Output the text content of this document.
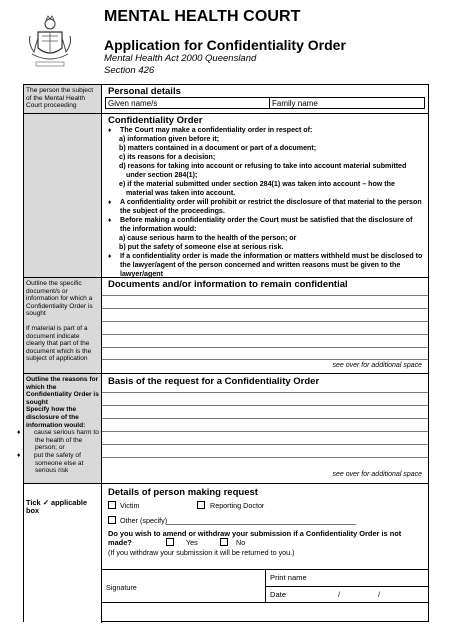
MENTAL HEALTH COURT
Application for Confidentiality Order
Mental Health Act 2000 Queensland
Section 426
The person the subject of the Mental Health Court proceeding
Personal details
Given name/s	Family name
Confidentiality Order
♦ The Court may make a confidentiality order in respect of:
a) information given before it;
b) matters contained in a document or part of a document;
c) its reasons for a decision;
d) reasons for taking into account or refusing to take into account material submitted under section 284(1);
e) if the material submitted under section 284(1) was taken into account – how the material was taken into account.
♦ A confidentiality order will prohibit or restrict the disclosure of that material to the person the subject of the proceedings.
♦ Before making a confidentiality order the Court must be satisfied that the disclosure of the information would:
a) cause serious harm to the health of the person; or
b) put the safety of someone else at serious risk.
♦ If a confidentiality order is made the information or matters withheld must be disclosed to the lawyer/agent of the person concerned and written reasons must be given to the lawyer/agent
Outline the specific document/s or information for which a Confidentiality Order is sought
If material is part of a document indicate clearly that part of the document which is the subject of application
Documents and/or information to remain confidential
see over for additional space
Outline the reasons for which the Confidentiality Order is sought
Specify how the disclosure of the information would:
♦ cause serious harm to the health of the person; or
♦ put the safety of someone else at serious risk
Basis of the request for a Confidentiality Order
see over for additional space
Tick ✓ applicable box
Details of person making request
Victim	Reporting Doctor
Other (specify)
Do you wish to amend or withdraw your submission if a Confidentiality Order is not made?	Yes	No
(If you withdraw your submission it will be returned to you.)
Signature
Print name
Date	/	/
